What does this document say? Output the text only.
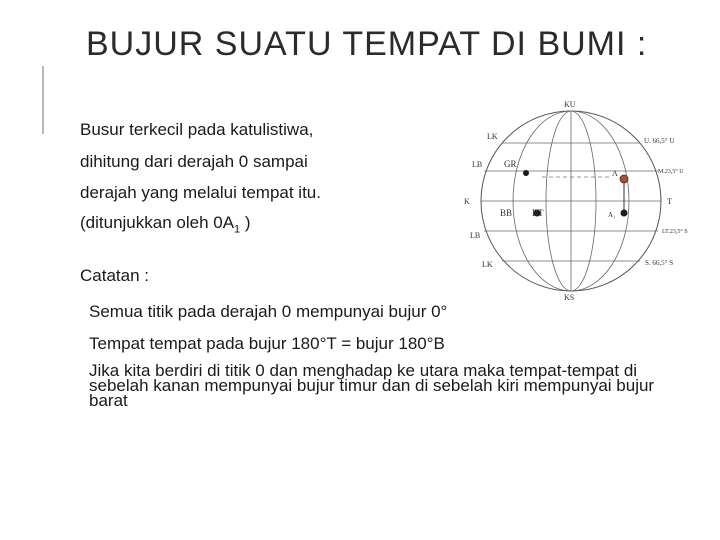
BUJUR SUATU TEMPAT DI BUMI :
Busur terkecil pada katulistiwa,
dihitung dari derajah 0 sampai
derajah yang melalui tempat itu.
(ditunjukkan oleh $0A_1$ )
Catatan :
Semua titik pada derajah 0 mempunyai bujur 0°
Tempat tempat pada bujur 180°T = bujur 180°B
Jika kita berdiri di titik 0 dan menghadap ke utara maka tempat-tempat di sebelah kanan mempunyai bujur timur dan di sebelah kiri mempunyai bujur barat
KU
KS
LK
LK
LB
LB
K	T
U. 66,5° U
M.23,5° U
LT.23,5° S
S. 66,5° S
GR
BB BT
A
A₁
